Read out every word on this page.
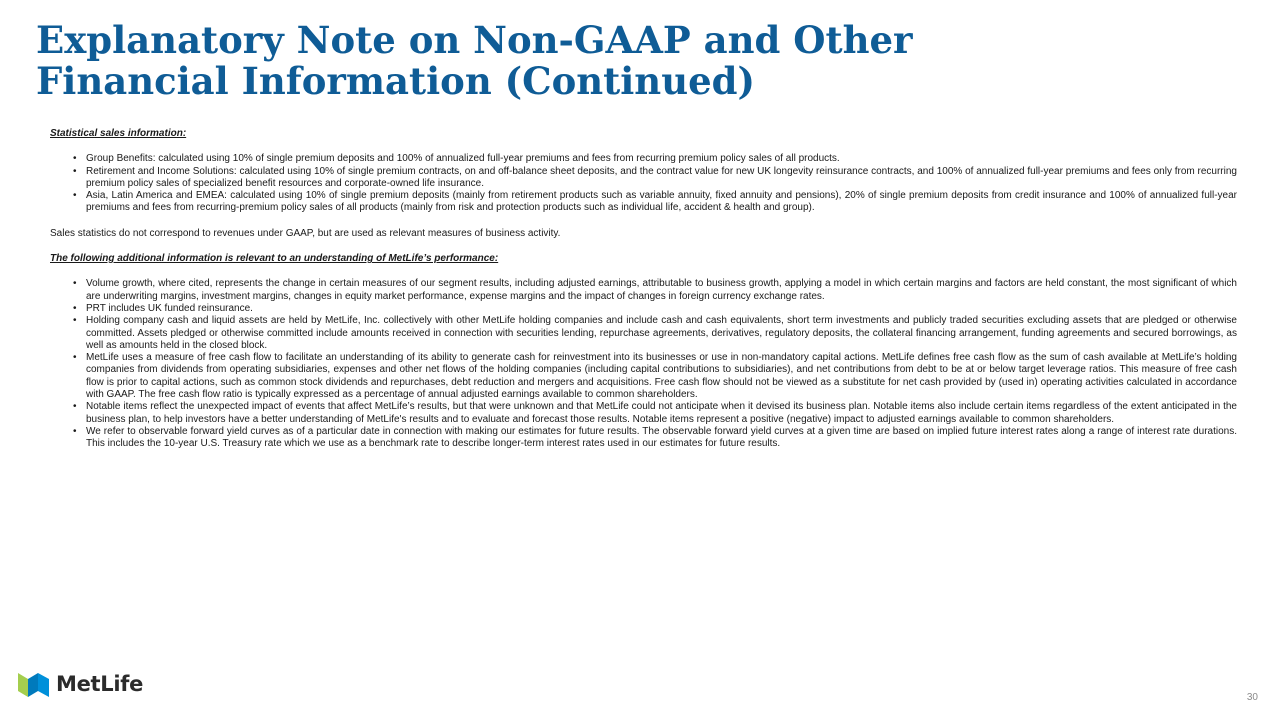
Explanatory Note on Non-GAAP and Other
Financial Information (Continued)
Statistical sales information:
• Group Benefits: calculated using 10% of single premium deposits and 100% of annualized full-year premiums and fees from recurring premium policy sales of all products.
• Retirement and Income Solutions: calculated using 10% of single premium contracts, on and off-balance sheet deposits, and the contract value for new UK longevity reinsurance contracts, and 100% of annualized full-year premiums and fees only from recurring premium policy sales of specialized benefit resources and corporate-owned life insurance.
• Asia, Latin America and EMEA: calculated using 10% of single premium deposits (mainly from retirement products such as variable annuity, fixed annuity and pensions), 20% of single premium deposits from credit insurance and 100% of annualized full-year premiums and fees from recurring-premium policy sales of all products (mainly from risk and protection products such as individual life, accident & health and group).
Sales statistics do not correspond to revenues under GAAP, but are used as relevant measures of business activity.
The following additional information is relevant to an understanding of MetLife’s performance:
• Volume growth, where cited, represents the change in certain measures of our segment results, including adjusted earnings, attributable to business growth, applying a model in which certain margins and factors are held constant, the most significant of which are underwriting margins, investment margins, changes in equity market performance, expense margins and the impact of changes in foreign currency exchange rates.
• PRT includes UK funded reinsurance.
• Holding company cash and liquid assets are held by MetLife, Inc. collectively with other MetLife holding companies and include cash and cash equivalents, short term investments and publicly traded securities excluding assets that are pledged or otherwise committed. Assets pledged or otherwise committed include amounts received in connection with securities lending, repurchase agreements, derivatives, regulatory deposits, the collateral financing arrangement, funding agreements and secured borrowings, as well as amounts held in the closed block.
• MetLife uses a measure of free cash flow to facilitate an understanding of its ability to generate cash for reinvestment into its businesses or use in non-mandatory capital actions. MetLife defines free cash flow as the sum of cash available at MetLife’s holding companies from dividends from operating subsidiaries, expenses and other net flows of the holding companies (including capital contributions to subsidiaries), and net contributions from debt to be at or below target leverage ratios. This measure of free cash flow is prior to capital actions, such as common stock dividends and repurchases, debt reduction and mergers and acquisitions. Free cash flow should not be viewed as a substitute for net cash provided by (used in) operating activities calculated in accordance with GAAP. The free cash flow ratio is typically expressed as a percentage of annual adjusted earnings available to common shareholders.
• Notable items reflect the unexpected impact of events that affect MetLife’s results, but that were unknown and that MetLife could not anticipate when it devised its business plan. Notable items also include certain items regardless of the extent anticipated in the business plan, to help investors have a better understanding of MetLife's results and to evaluate and forecast those results. Notable items represent a positive (negative) impact to adjusted earnings available to common shareholders.
• We refer to observable forward yield curves as of a particular date in connection with making our estimates for future results. The observable forward yield curves at a given time are based on implied future interest rates along a range of interest rate durations. This includes the 10-year U.S. Treasury rate which we use as a benchmark rate to describe longer-term interest rates used in our estimates for future results.
MetLife
30
